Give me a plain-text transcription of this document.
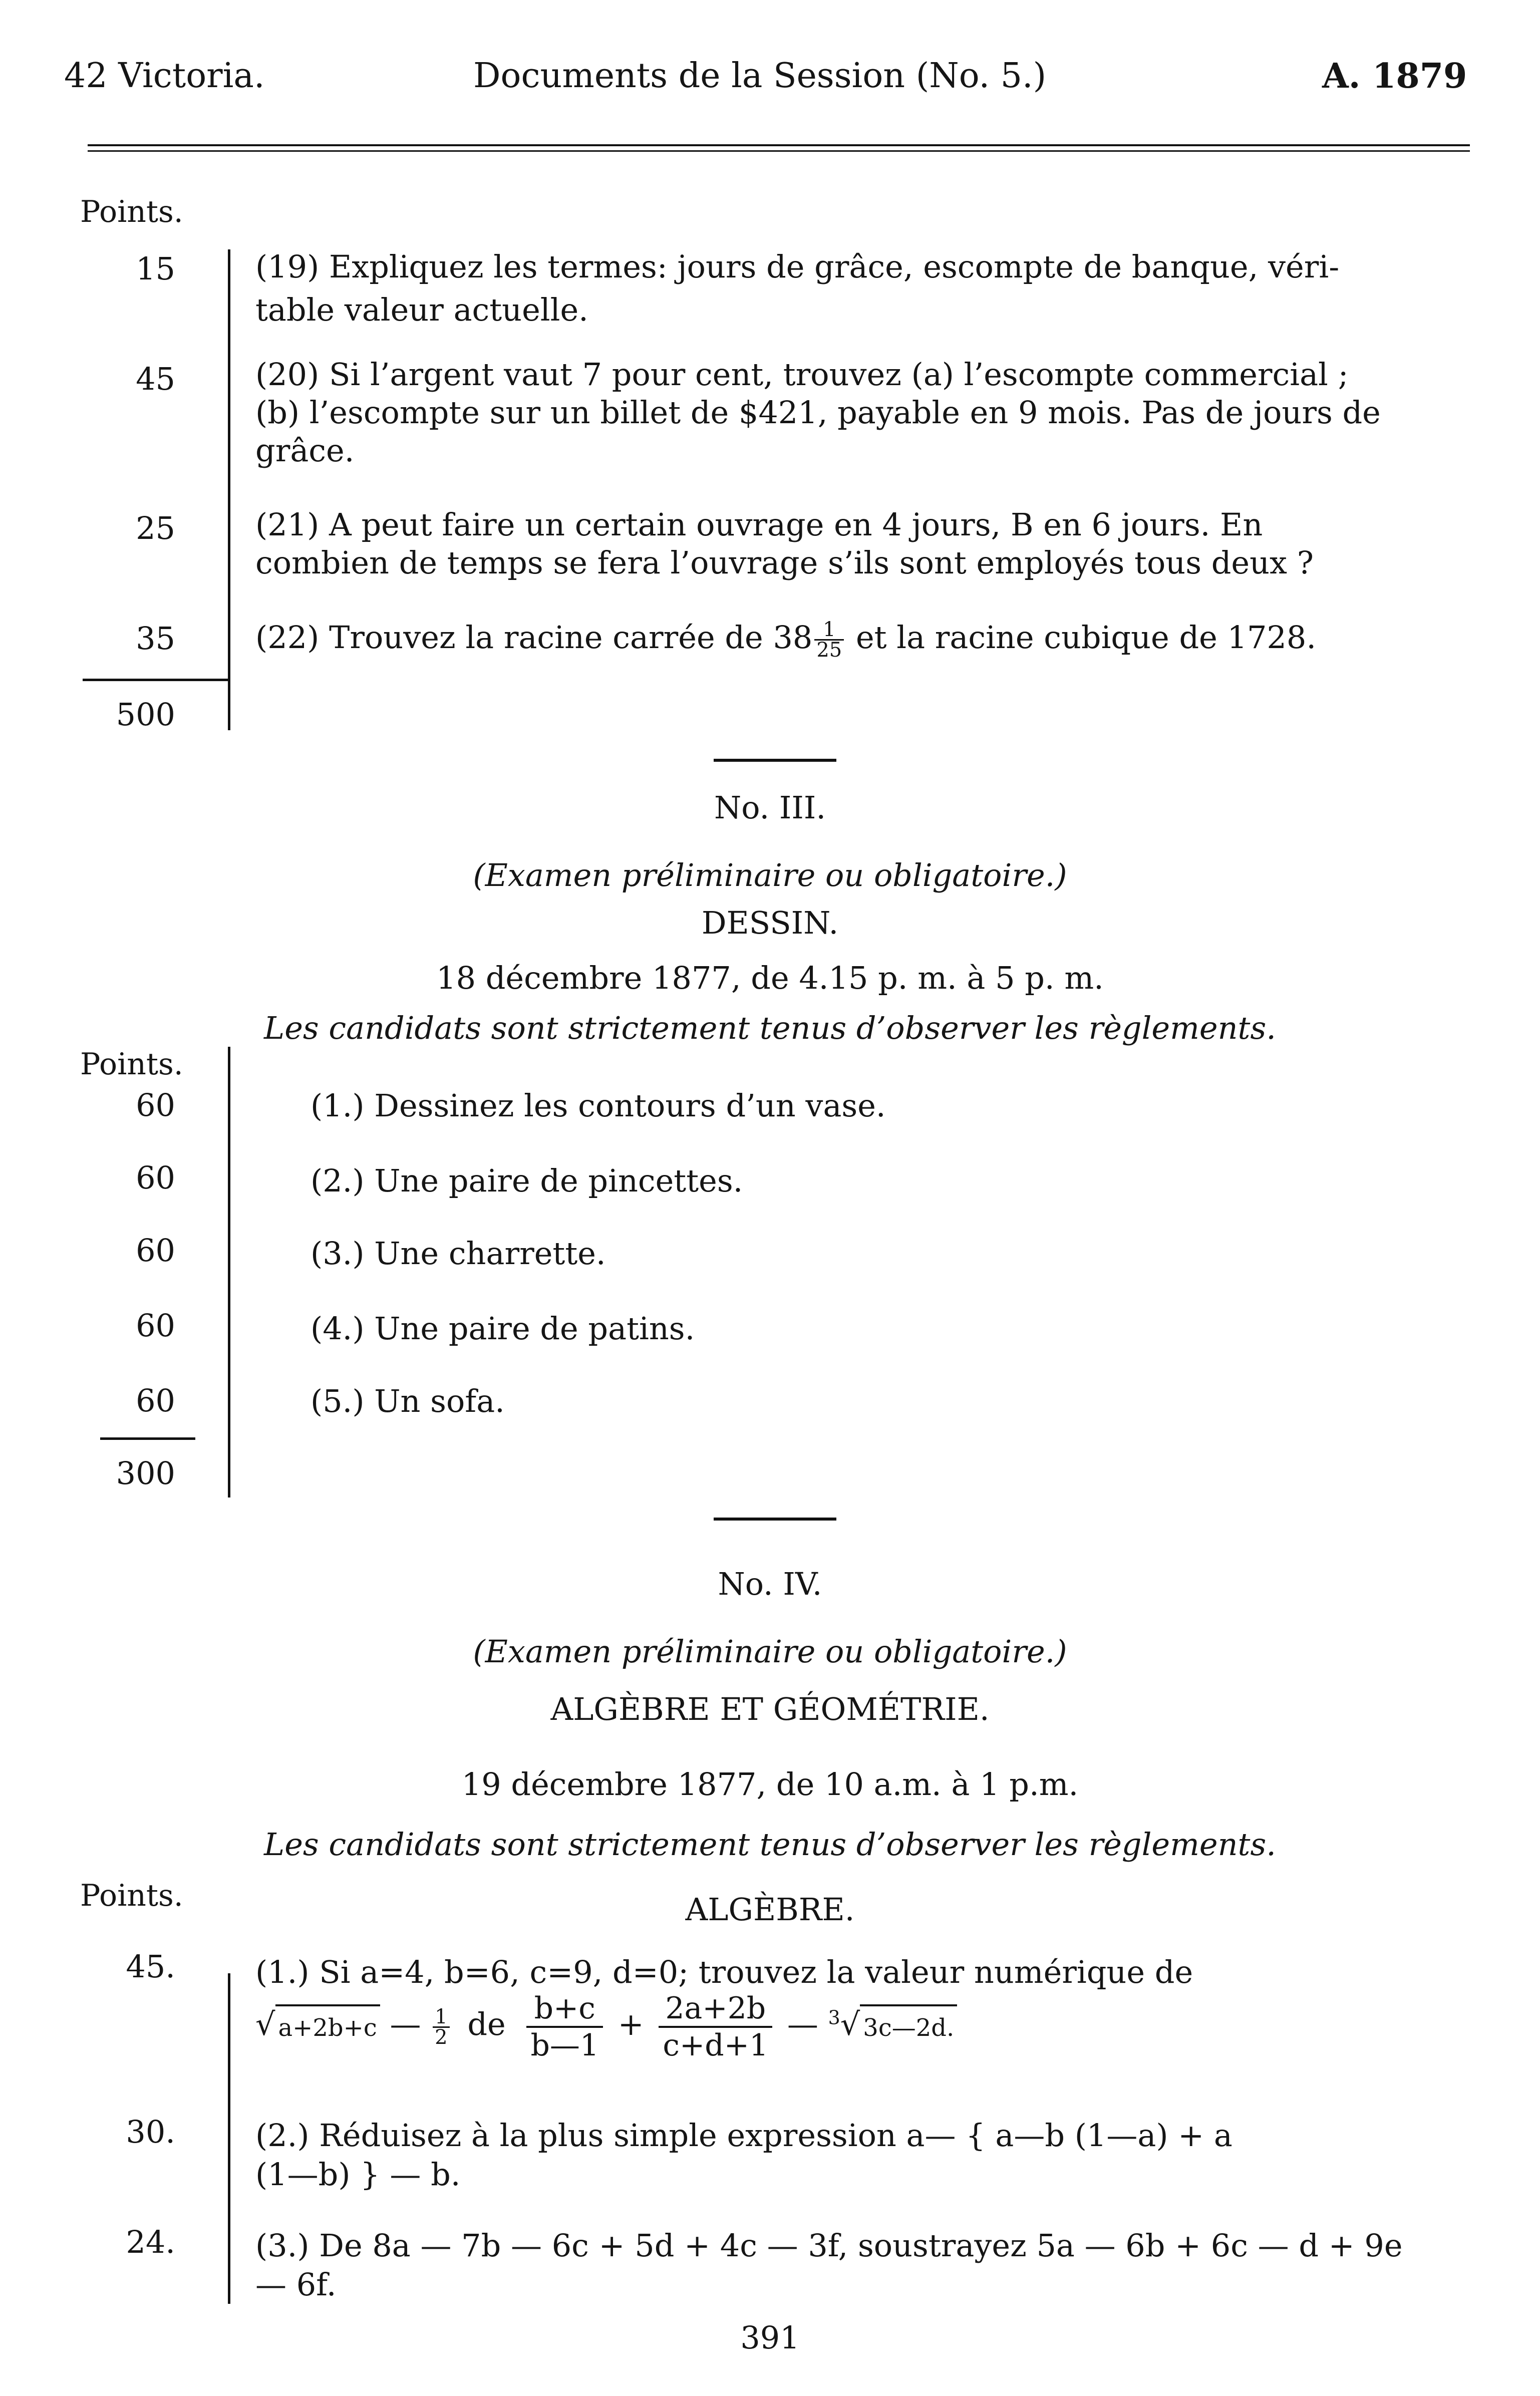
42 Victoria.	Documents de la Session (No. 5.)	A. 1879
Points.
15	(19) Expliquez les termes: jours de grâce, escompte de banque, véri-
table valeur actuelle.
45	(20) Si l’argent vaut 7 pour cent, trouvez (a) l’escompte commercial ;
(b) l’escompte sur un billet de $421, payable en 9 mois. Pas de jours de
grâce.
25	(21) A peut faire un certain ouvrage en 4 jours, B en 6 jours. En
combien de temps se fera l’ouvrage s’ils sont employés tous deux ?
35	(22) Trouvez la racine carrée de $38 \frac{1}{25}$ et la racine cubique de 1728.
500
No. III.
(Examen préliminaire ou obligatoire.)
DESSIN.
18 décembre 1877, de 4.15 p. m. à 5 p. m.
Les candidats sont strictement tenus d’observer les règlements.
Points.
60	(1.) Dessinez les contours d’un vase.
60	(2.) Une paire de pincettes.
60	(3.) Une charrette.
60	(4.) Une paire de patins.
60	(5.) Un sofa.
300
No. IV.
(Examen préliminaire ou obligatoire.)
ALGÈBRE ET GÉOMÉTRIE.
19 décembre 1877, de 10 a.m. à 1 p.m.
Les candidats sont strictement tenus d’observer les règlements.
Points.	ALGÈBRE.
45.	(1.) Si a=4, b=6, c=9, d=0; trouvez la valeur numérique de
√ a+2b+c — $\frac{1}{2}$ de $\frac{b+c}{b—1} + \frac{2a+2b}{c+d+1}$ — $^3$√ 3c—2d.
30.	(2.) Réduisez à la plus simple expression a— { a—b (1—a) + a
(1—b) } — b.
24.	(3.) De 8a — 7b — 6c + 5d + 4c — 3f, soustrayez 5a — 6b + 6c — d + 9e
— 6f.
391
